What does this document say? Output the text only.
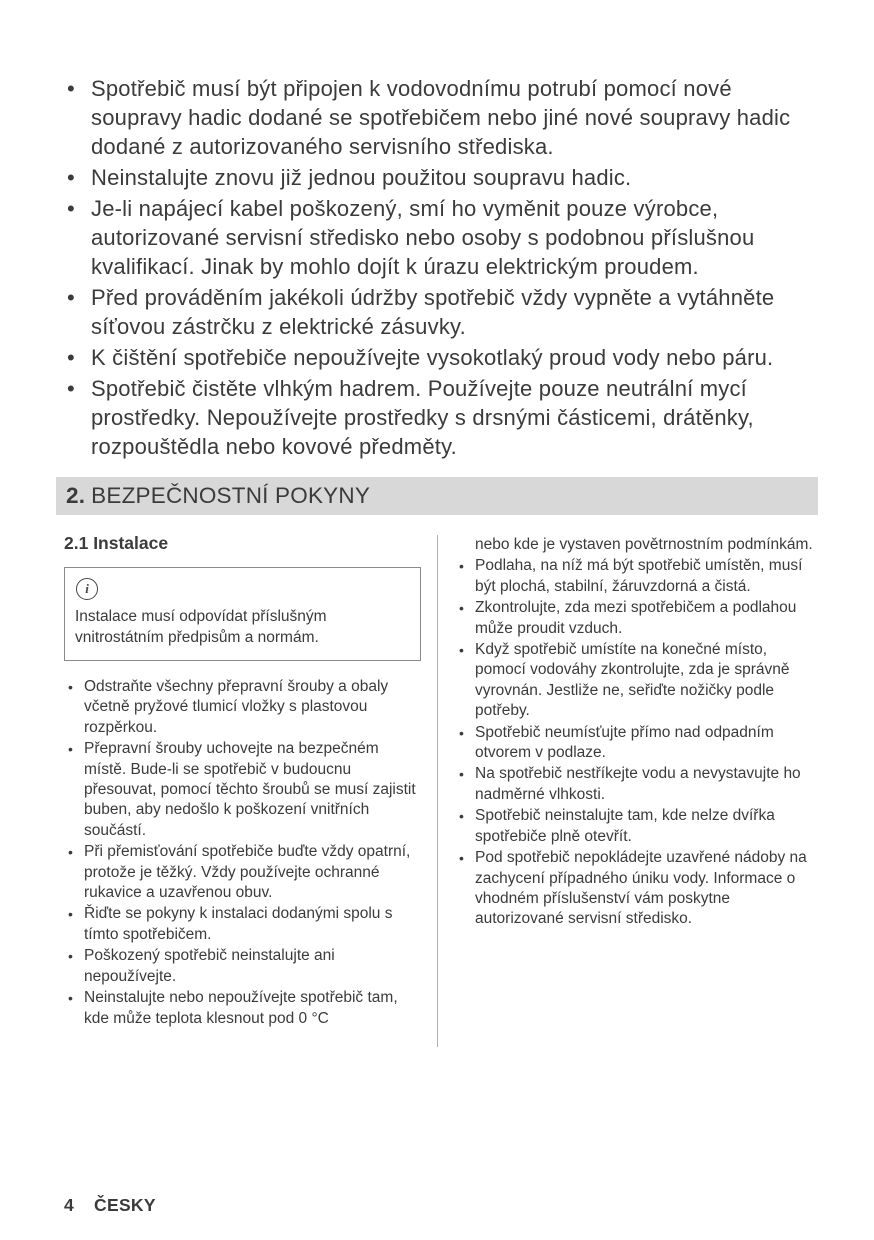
• Spotřebič musí být připojen k vodovodnímu potrubí pomocí nové soupravy hadic dodané se spotřebičem nebo jiné nové soupravy hadic dodané z autorizovaného servisního střediska.
• Neinstalujte znovu již jednou použitou soupravu hadic.
• Je-li napájecí kabel poškozený, smí ho vyměnit pouze výrobce, autorizované servisní středisko nebo osoby s podobnou příslušnou kvalifikací. Jinak by mohlo dojít k úrazu elektrickým proudem.
• Před prováděním jakékoli údržby spotřebič vždy vypněte a vytáhněte síťovou zástrčku z elektrické zásuvky.
• K čištění spotřebiče nepoužívejte vysokotlaký proud vody nebo páru.
• Spotřebič čistěte vlhkým hadrem. Používejte pouze neutrální mycí prostředky. Nepoužívejte prostředky s drsnými částicemi, drátěnky, rozpouštědla nebo kovové předměty.
2. BEZPEČNOSTNÍ POKYNY
2.1 Instalace
i

Instalace musí odpovídat příslušným vnitrostátním předpisům a normám.

• Odstraňte všechny přepravní šrouby a obaly včetně pryžové tlumicí vložky s plastovou rozpěrkou.
• Přepravní šrouby uchovejte na bezpečném místě. Bude-li se spotřebič v budoucnu přesouvat, pomocí těchto šroubů se musí zajistit buben, aby nedošlo k poškození vnitřních součástí.
• Při přemisťování spotřebiče buďte vždy opatrní, protože je těžký. Vždy používejte ochranné rukavice a uzavřenou obuv.
• Řiďte se pokyny k instalaci dodanými spolu s tímto spotřebičem.
• Poškozený spotřebič neinstalujte ani nepoužívejte.
• Neinstalujte nebo nepoužívejte spotřebič tam, kde může teplota klesnout pod 0 °C

nebo kde je vystaven povětrnostním podmínkám.

• Podlaha, na níž má být spotřebič umístěn, musí být plochá, stabilní, žáruvzdorná a čistá.
• Zkontrolujte, zda mezi spotřebičem a podlahou může proudit vzduch.
• Když spotřebič umístíte na konečné místo, pomocí vodováhy zkontrolujte, zda je správně vyrovnán. Jestliže ne, seřiďte nožičky podle potřeby.
• Spotřebič neumísťujte přímo nad odpadním otvorem v podlaze.
• Na spotřebič nestříkejte vodu a nevystavujte ho nadměrné vlhkosti.
• Spotřebič neinstalujte tam, kde nelze dvířka spotřebiče plně otevřít.
• Pod spotřebič nepokládejte uzavřené nádoby na zachycení případného úniku vody. Informace o vhodném příslušenství vám poskytne autorizované servisní středisko.
4 ČESKY
